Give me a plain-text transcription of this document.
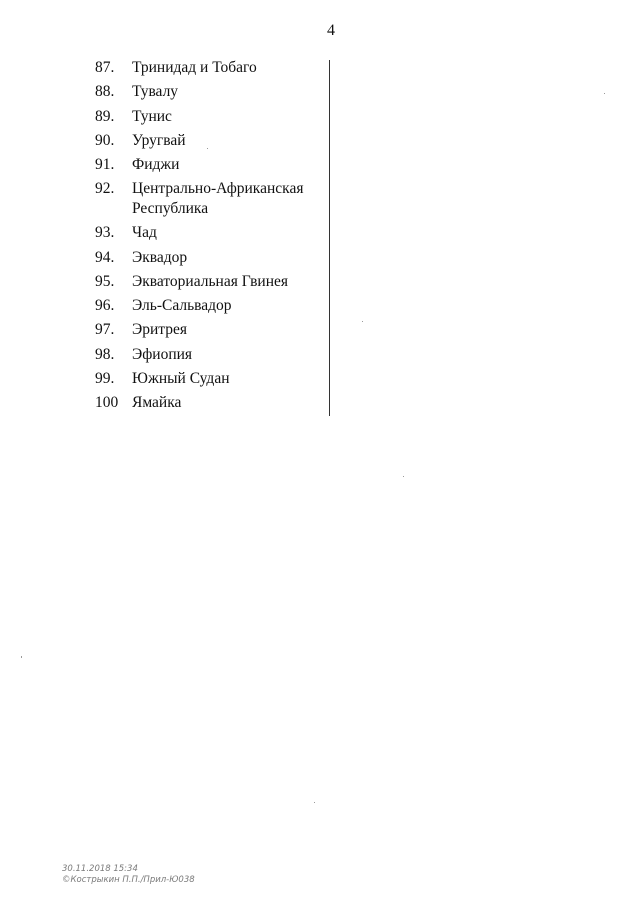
4
87.	Тринидад и Тобаго
88.	Тувалу
89.	Тунис
90.	Уругвай
91.	Фиджи
92.	Центрально-Африканская Республика
93.	Чад
94.	Эквадор
95.	Экваториальная Гвинея
96.	Эль-Сальвадор
97.	Эритрея
98.	Эфиопия
99.	Южный Судан
100 Ямайка
30.11.2018 15:34
©Кострыкин П.П./Прил-Ю038
